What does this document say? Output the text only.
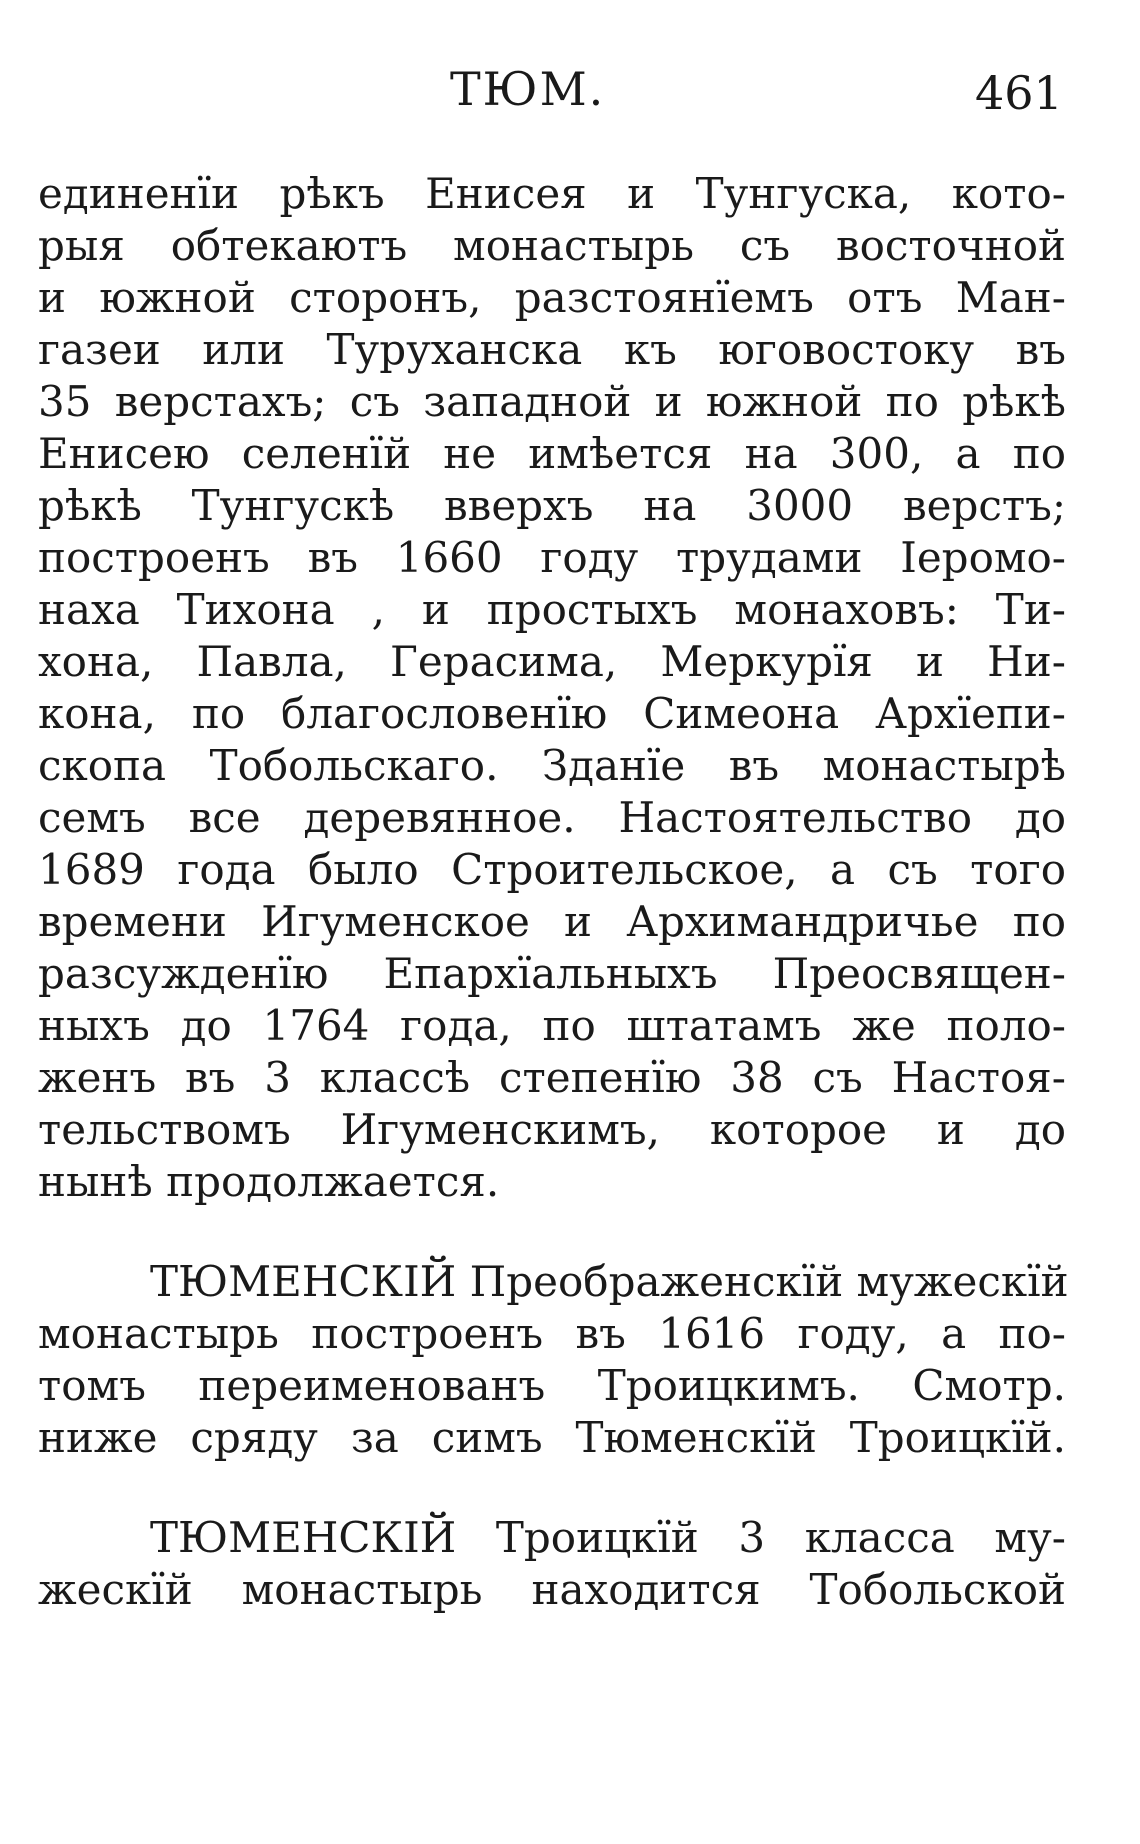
ТЮМ.	461
единенїи рѣкъ Енисея и Тунгуска, кото-
рыя обтекаютъ монастырь съ восточной
и южной сторонъ, разстоянїемъ отъ Ман-
газеи или Туруханска къ юговостоку въ
35 верстахъ; съ западной и южной по рѣкѣ
Енисею селенїй не имѣется на 300, а по
рѣкѣ Тунгускѣ вверхъ на 3000 верстъ;
построенъ въ 1660 году трудами Iеромо-
наха Тихона , и простыхъ монаховъ: Ти-
хона, Павла, Герасима, Меркурїя и Ни-
кона, по благословенїю Симеона Архїепи-
скопа Тобольскаго. Зданїе въ монастырѣ
семъ все деревянное. Настоятельство до
1689 года было Строительское, а съ того
времени Игуменское и Архимандричье по
разсужденїю Епархїальныхъ Преосвящен-
ныхъ до 1764 года, по штатамъ же поло-
женъ въ 3 классѣ степенїю 38 съ Настоя-
тельствомъ Игуменскимъ, которое и до
нынѣ продолжается.
ТЮМЕНСКIЙ Преображенскїй мужескїй
монастырь построенъ въ 1616 году, а по-
томъ переименованъ Троицкимъ. Смотр.
ниже сряду за симъ Тюменскїй Троицкїй.
ТЮМЕНСКIЙ Троицкїй 3 класса му-
жескїй монастырь находится Тобольской
